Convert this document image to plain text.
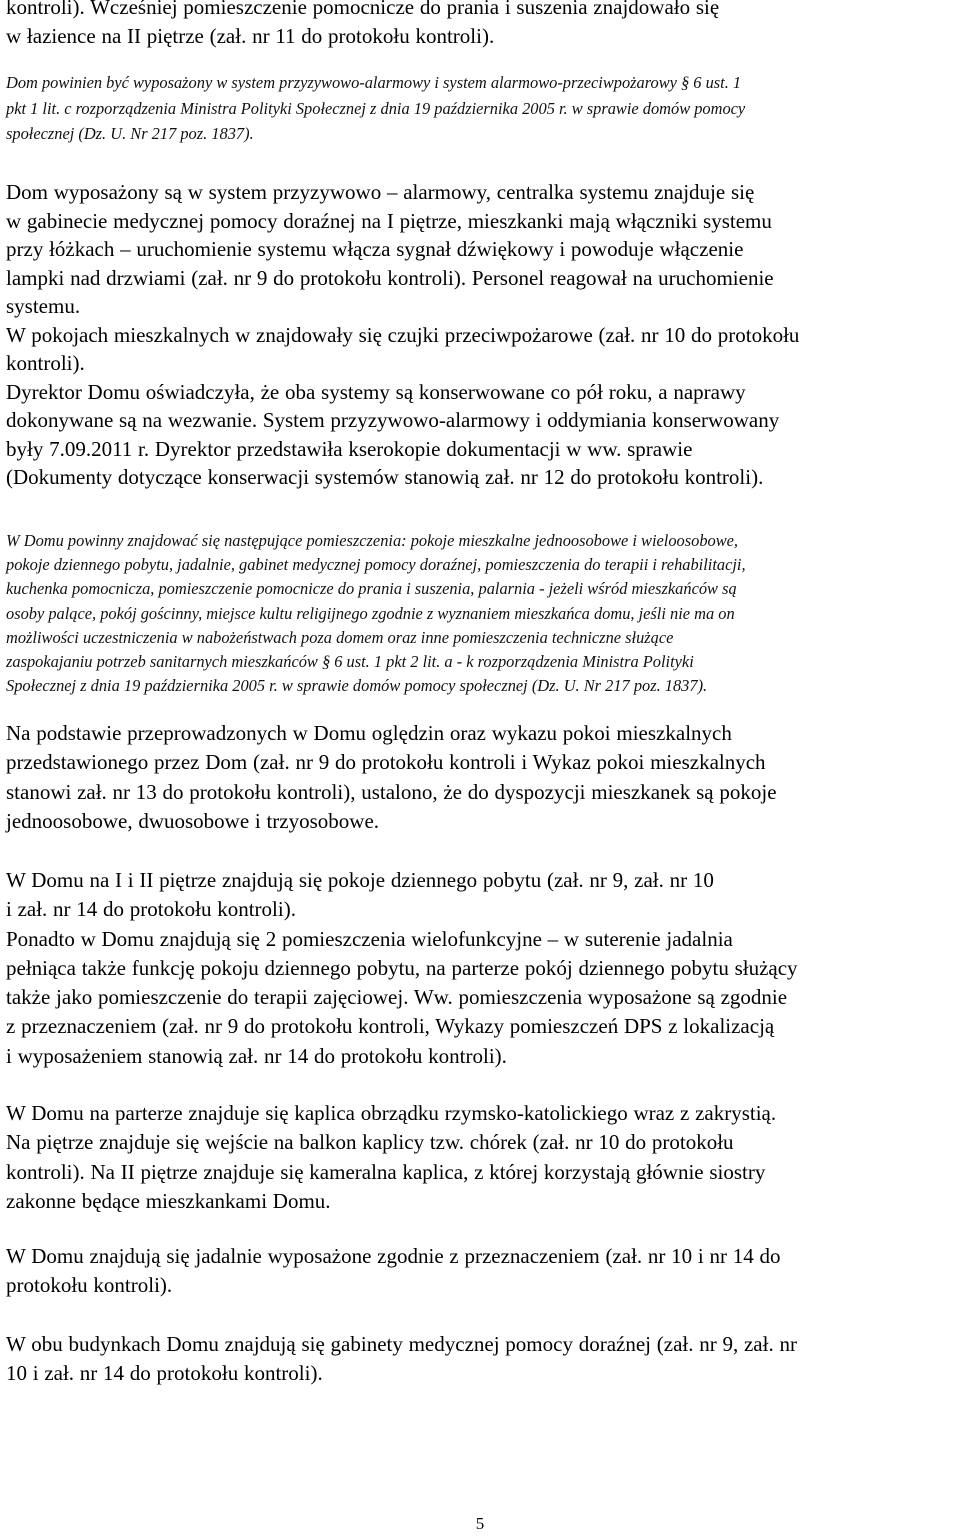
kontroli). Wcześniej pomieszczenie pomocnicze do prania i suszenia znajdowało się
w łazience na II piętrze (zał. nr 11 do protokołu kontroli).

Dom powinien być wyposażony w system przyzywowo-alarmowy i system alarmowo-przeciwpożarowy § 6 ust. 1
pkt 1 lit. c rozporządzenia Ministra Polityki Społecznej z dnia 19 października 2005 r. w sprawie domów pomocy
społecznej (Dz. U. Nr 217 poz. 1837).

Dom wyposażony są w system przyzywowo – alarmowy, centralka systemu znajduje się
w gabinecie medycznej pomocy doraźnej na I piętrze, mieszkanki mają włączniki systemu
przy łóżkach – uruchomienie systemu włącza sygnał dźwiękowy i powoduje włączenie
lampki nad drzwiami (zał. nr 9 do protokołu kontroli). Personel reagował na uruchomienie
systemu.
W pokojach mieszkalnych w znajdowały się czujki przeciwpożarowe (zał. nr 10 do protokołu
kontroli).
Dyrektor Domu oświadczyła, że oba systemy są konserwowane co pół roku, a naprawy
dokonywane są na wezwanie. System przyzywowo-alarmowy i oddymiania konserwowany
były 7.09.2011 r. Dyrektor przedstawiła kserokopie dokumentacji w ww. sprawie
(Dokumenty dotyczące konserwacji systemów stanowią zał. nr 12 do protokołu kontroli).

W Domu powinny znajdować się następujące pomieszczenia: pokoje mieszkalne jednoosobowe i wieloosobowe,
pokoje dziennego pobytu, jadalnie, gabinet medycznej pomocy doraźnej, pomieszczenia do terapii i rehabilitacji,
kuchenka pomocnicza, pomieszczenie pomocnicze do prania i suszenia, palarnia - jeżeli wśród mieszkańców są
osoby palące, pokój gościnny, miejsce kultu religijnego zgodnie z wyznaniem mieszkańca domu, jeśli nie ma on
możliwości uczestniczenia w nabożeństwach poza domem oraz inne pomieszczenia techniczne służące
zaspokajaniu potrzeb sanitarnych mieszkańców § 6 ust. 1 pkt 2 lit. a - k rozporządzenia Ministra Polityki
Społecznej z dnia 19 października 2005 r. w sprawie domów pomocy społecznej (Dz. U. Nr 217 poz. 1837).

Na podstawie przeprowadzonych w Domu oględzin oraz wykazu pokoi mieszkalnych
przedstawionego przez Dom (zał. nr 9 do protokołu kontroli i Wykaz pokoi mieszkalnych
stanowi zał. nr 13 do protokołu kontroli), ustalono, że do dyspozycji mieszkanek są pokoje
jednoosobowe, dwuosobowe i trzyosobowe.

W Domu na I i II piętrze znajdują się pokoje dziennego pobytu (zał. nr 9, zał. nr 10
i zał. nr 14 do protokołu kontroli).
Ponadto w Domu znajdują się 2 pomieszczenia wielofunkcyjne – w suterenie jadalnia
pełniąca także funkcję pokoju dziennego pobytu, na parterze pokój dziennego pobytu służący
także jako pomieszczenie do terapii zajęciowej. Ww. pomieszczenia wyposażone są zgodnie
z przeznaczeniem (zał. nr 9 do protokołu kontroli, Wykazy pomieszczeń DPS z lokalizacją
i wyposażeniem stanowią zał. nr 14 do protokołu kontroli).

W Domu na parterze znajduje się kaplica obrządku rzymsko-katolickiego wraz z zakrystią.
Na piętrze znajduje się wejście na balkon kaplicy tzw. chórek (zał. nr 10 do protokołu
kontroli). Na II piętrze znajduje się kameralna kaplica, z której korzystają głównie siostry
zakonne będące mieszkankami Domu.

W Domu znajdują się jadalnie wyposażone zgodnie z przeznaczeniem (zał. nr 10 i nr 14 do
protokołu kontroli).

W obu budynkach Domu znajdują się gabinety medycznej pomocy doraźnej (zał. nr 9, zał. nr
10 i zał. nr 14 do protokołu kontroli).

5
